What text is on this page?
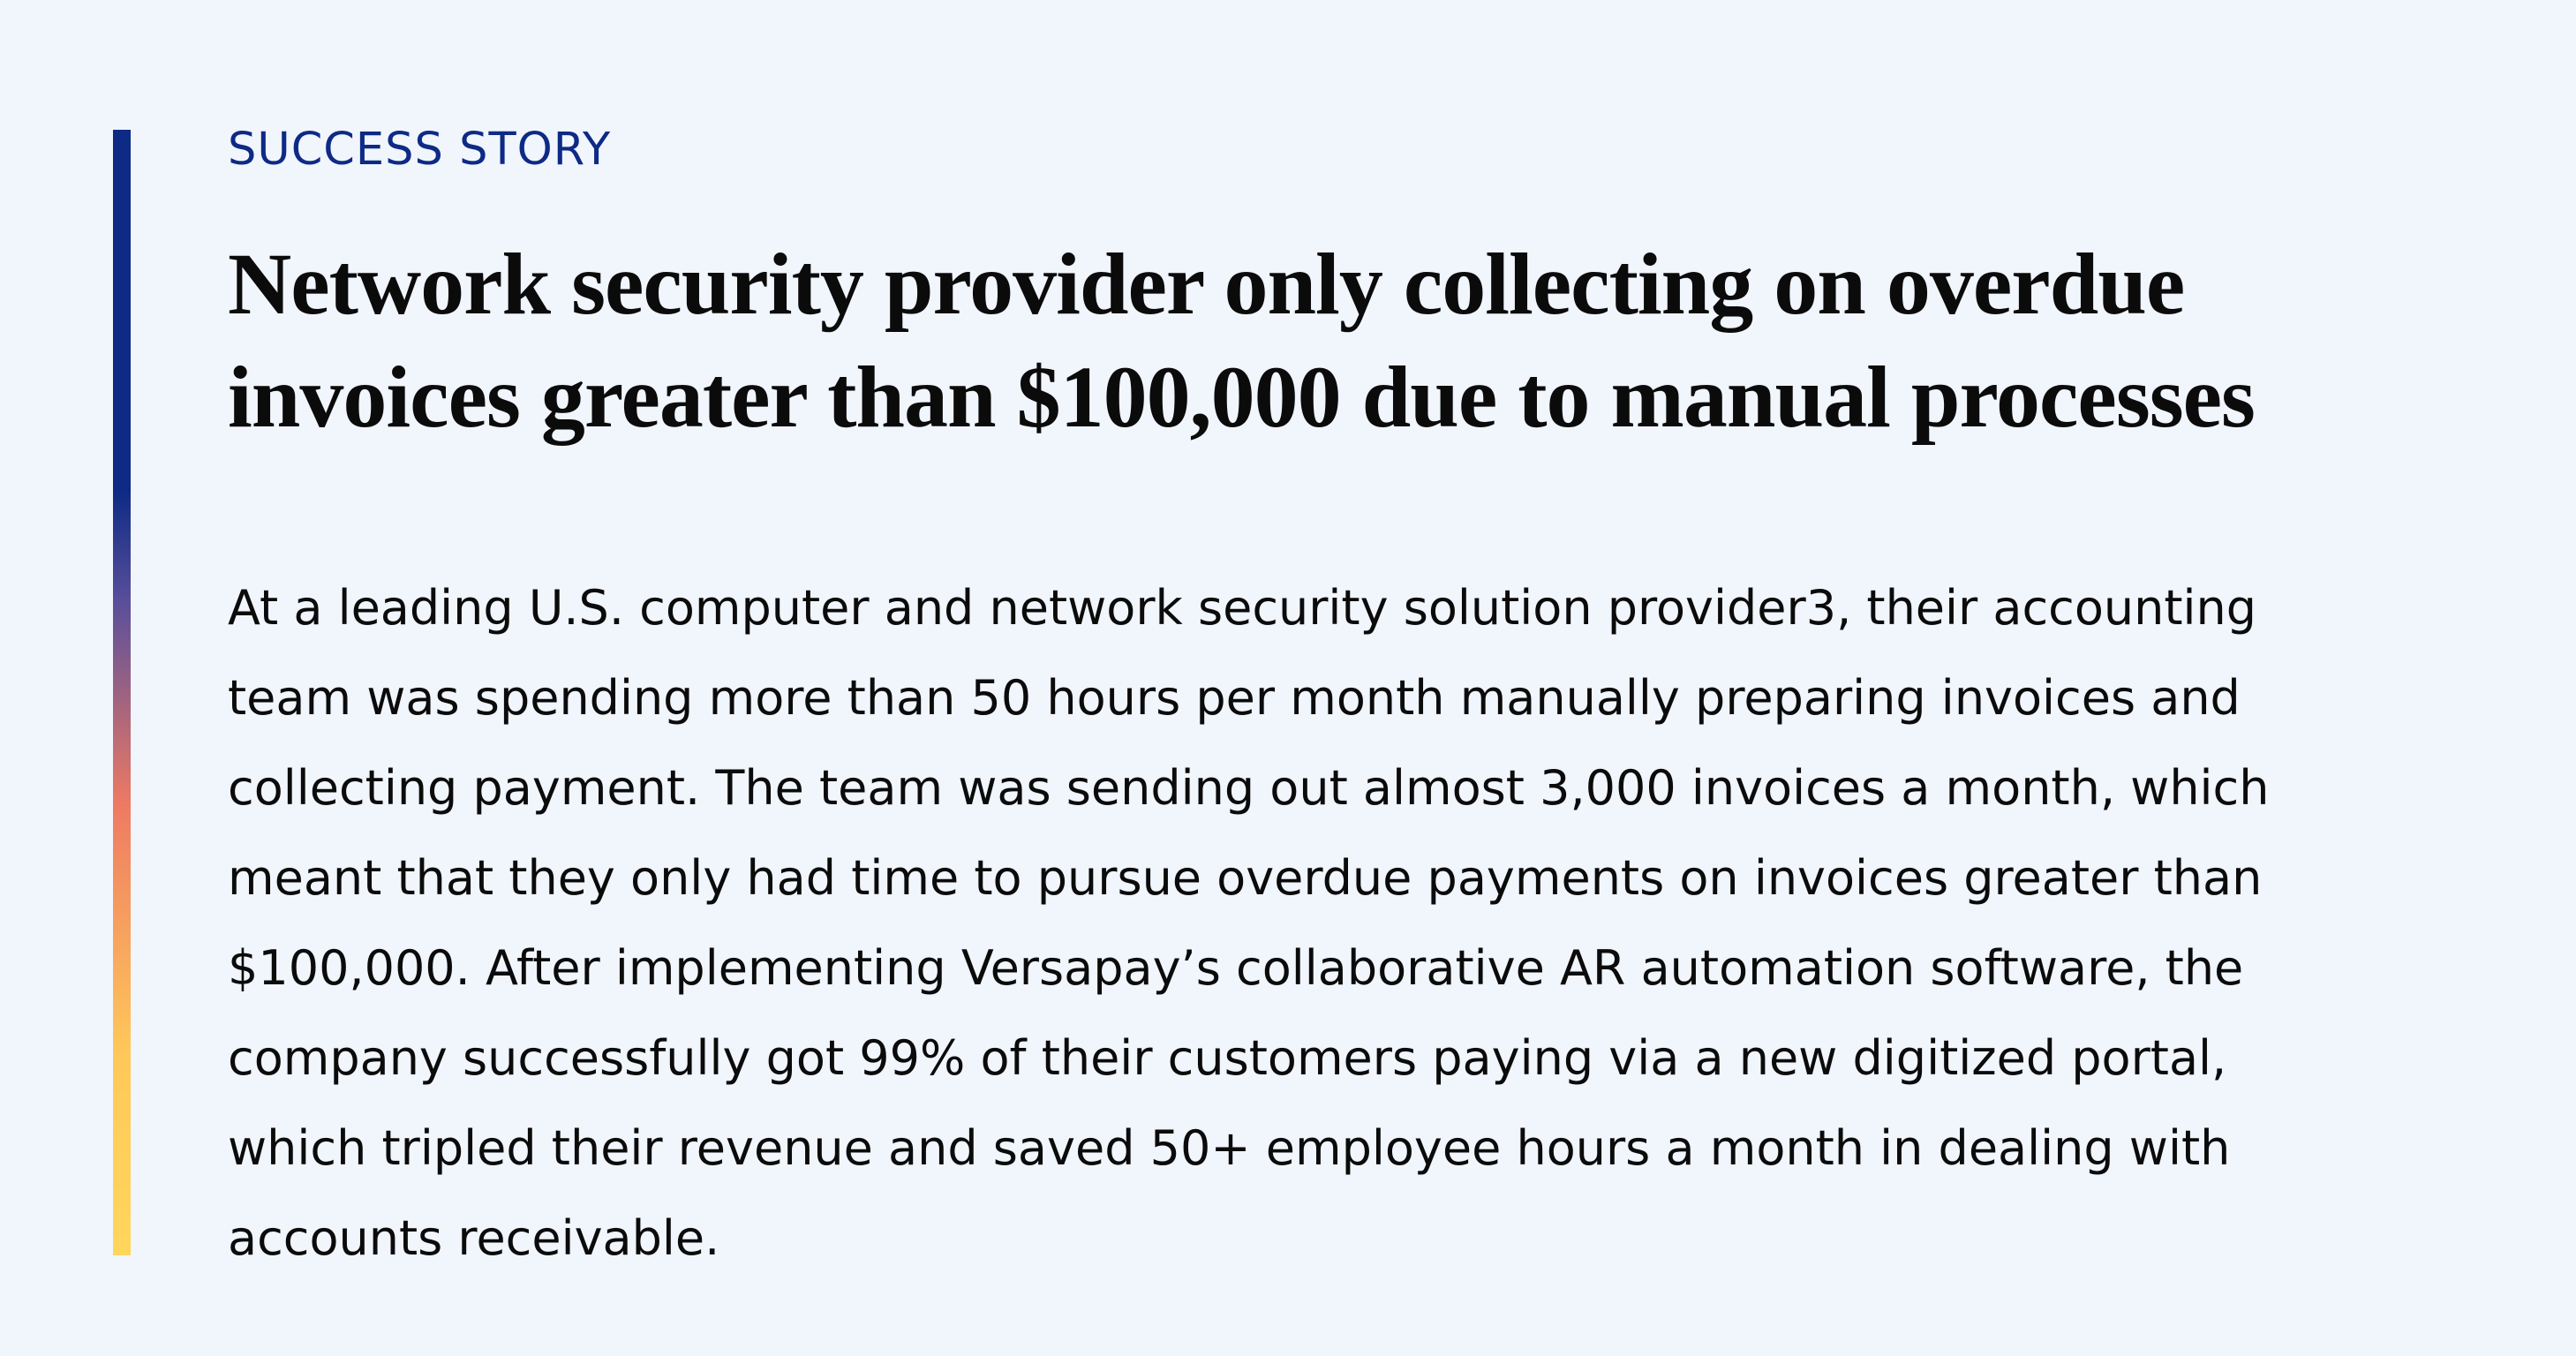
SUCCESS STORY

Network security provider only collecting on overdue
invoices greater than $100,000 due to manual processes

At a leading U.S. computer and network security solution provider3, their accounting
team was spending more than 50 hours per month manually preparing invoices and
collecting payment. The team was sending out almost 3,000 invoices a month, which
meant that they only had time to pursue overdue payments on invoices greater than
$100,000. After implementing Versapay’s collaborative AR automation software, the
company successfully got 99% of their customers paying via a new digitized portal,
which tripled their revenue and saved 50+ employee hours a month in dealing with
accounts receivable.
